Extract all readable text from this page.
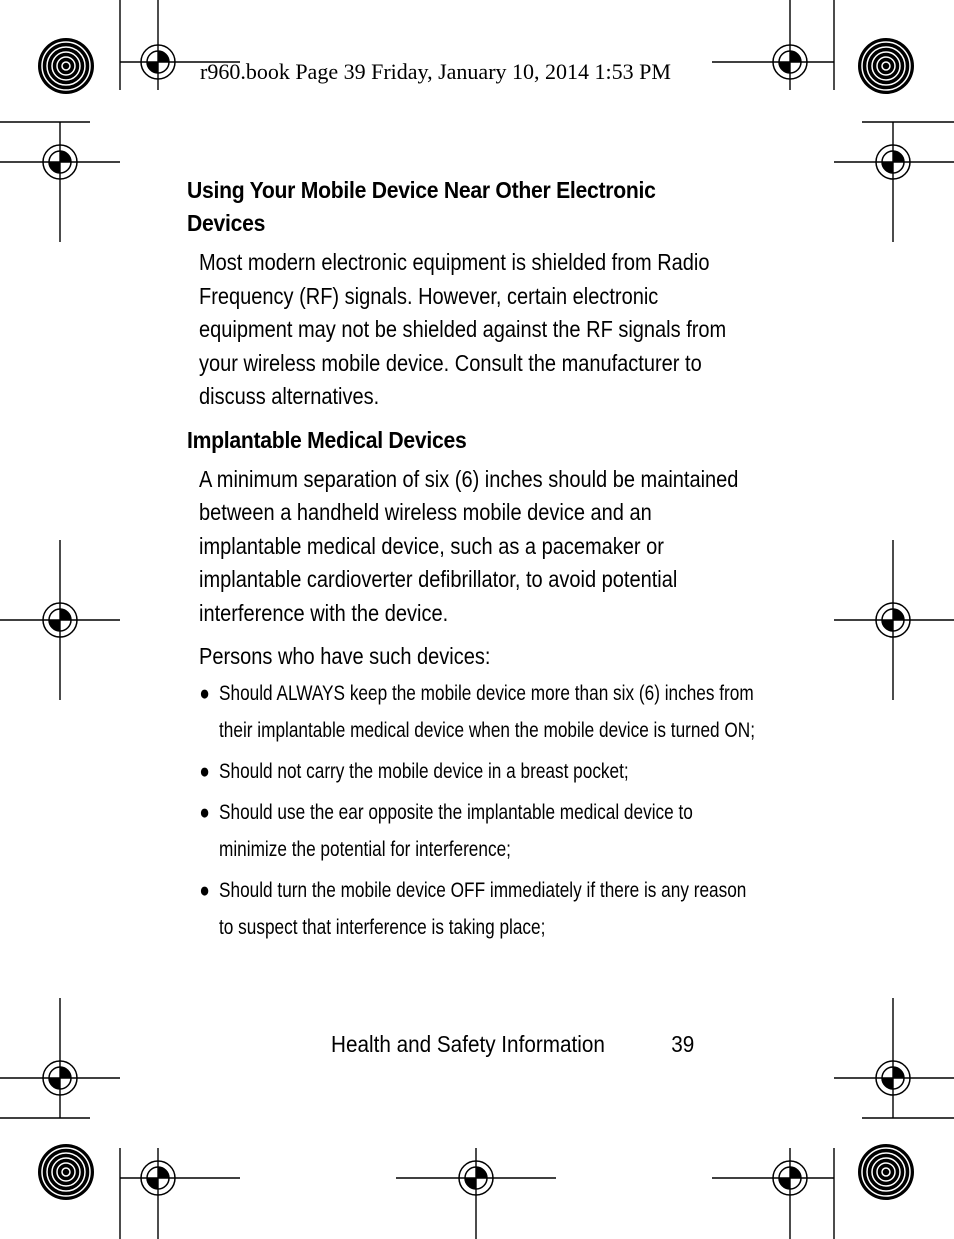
r960.book Page 39 Friday, January 10, 2014 1:53 PM
Using Your Mobile Device Near Other Electronic Devices

Most modern electronic equipment is shielded from Radio Frequency (RF) signals. However, certain electronic equipment may not be shielded against the RF signals from your wireless mobile device. Consult the manufacturer to discuss alternatives.

Implantable Medical Devices

A minimum separation of six (6) inches should be maintained between a handheld wireless mobile device and an implantable medical device, such as a pacemaker or implantable cardioverter defibrillator, to avoid potential interference with the device.

Persons who have such devices:

● Should ALWAYS keep the mobile device more than six (6) inches from their implantable medical device when the mobile device is turned ON;
● Should not carry the mobile device in a breast pocket;
● Should use the ear opposite the implantable medical device to minimize the potential for interference;
● Should turn the mobile device OFF immediately if there is any reason to suspect that interference is taking place;
Health and Safety Information	39
